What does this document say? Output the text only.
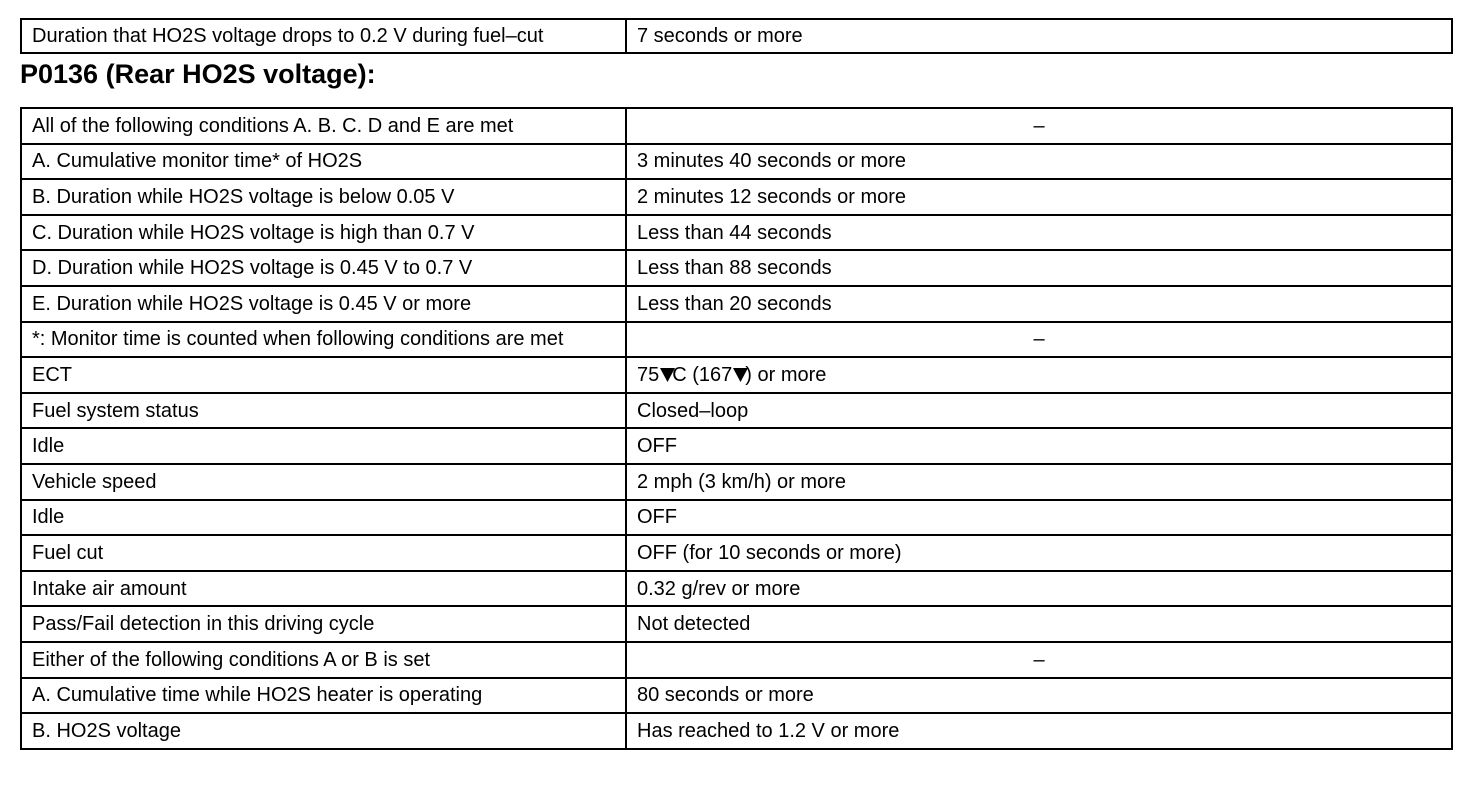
Duration that HO2S voltage drops to 0.2 V during fuel–cut	7 seconds or more
P0136 (Rear HO2S voltage):
All of the following conditions A. B. C. D and E are met	–
A. Cumulative monitor time* of HO2S	3 minutes 40 seconds or more
B. Duration while HO2S voltage is below 0.05 V	2 minutes 12 seconds or more
C. Duration while HO2S voltage is high than 0.7 V	Less than 44 seconds
D. Duration while HO2S voltage is 0.45 V to 0.7 V	Less than 88 seconds
E. Duration while HO2S voltage is 0.45 V or more	Less than 20 seconds
*: Monitor time is counted when following conditions are met	–
ECT	75 C (167 ) or more
Fuel system status	Closed–loop
Idle	OFF
Vehicle speed	2 mph (3 km/h) or more
Idle	OFF
Fuel cut	OFF (for 10 seconds or more)
Intake air amount	0.32 g/rev or more
Pass/Fail detection in this driving cycle	Not detected
Either of the following conditions A or B is set	–
A. Cumulative time while HO2S heater is operating	80 seconds or more
B. HO2S voltage	Has reached to 1.2 V or more
